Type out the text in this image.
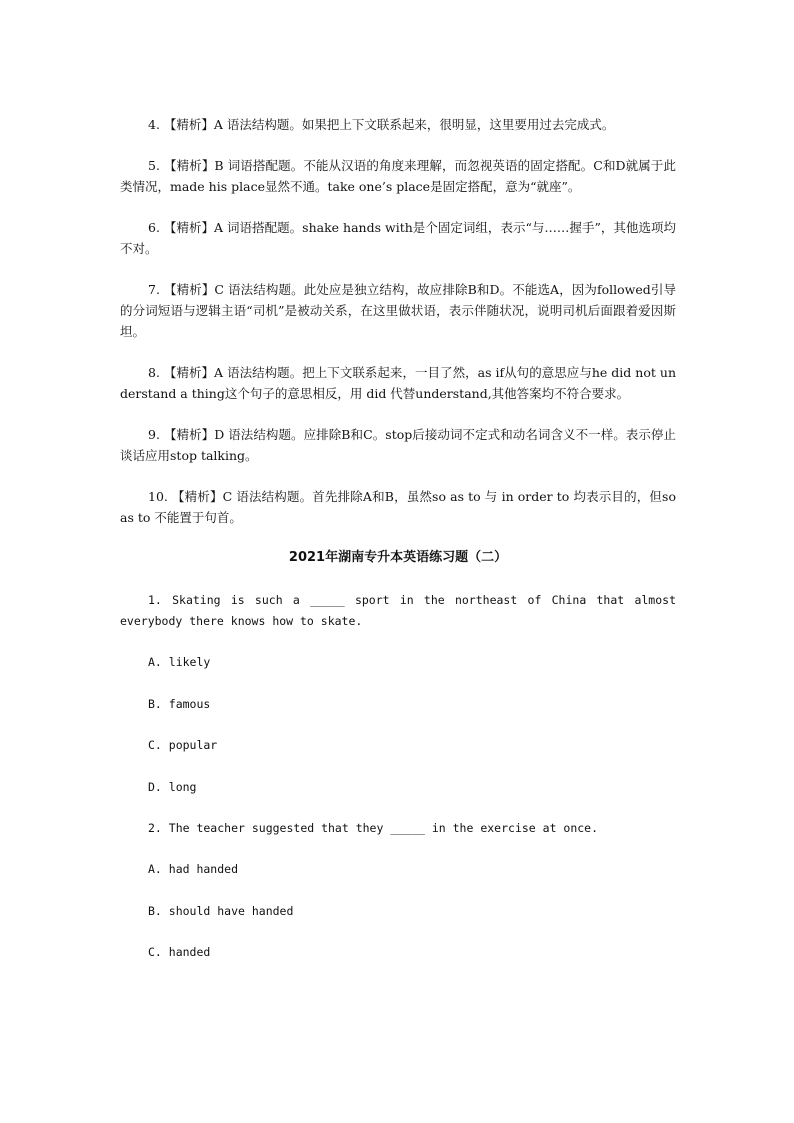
4. 【精析】A 语法结构题。如果把上下文联系起来，很明显，这里要用过去完成式。

5. 【精析】B 词语搭配题。不能从汉语的角度来理解，而忽视英语的固定搭配。C和D就属于此类情况，made his place显然不通。take one’s place是固定搭配，意为“就座”。

6. 【精析】A 词语搭配题。shake hands with是个固定词组，表示“与……握手”，其他选项均不对。

7. 【精析】C 语法结构题。此处应是独立结构，故应排除B和D。不能选A，因为followed引导的分词短语与逻辑主语“司机”是被动关系，在这里做状语，表示伴随状况，说明司机后面跟着爱因斯坦。

8. 【精析】A 语法结构题。把上下文联系起来，一目了然，as if从句的意思应与he did not understand a thing这个句子的意思相反，用 did 代替understand,其他答案均不符合要求。

9. 【精析】D 语法结构题。应排除B和C。stop后接动词不定式和动名词含义不一样。表示停止谈话应用stop talking。

10. 【精析】C 语法结构题。首先排除A和B，虽然so as to 与 in order to 均表示目的，但so as to 不能置于句首。

2021年湖南专升本英语练习题（二）

1. Skating is such a _____ sport in the northeast of China that almost everybody there knows how to skate.

A. likely
B. famous
C. popular
D. long

2. The teacher suggested that they _____ in the exercise at once.

A. had handed
B. should have handed
C. handed
